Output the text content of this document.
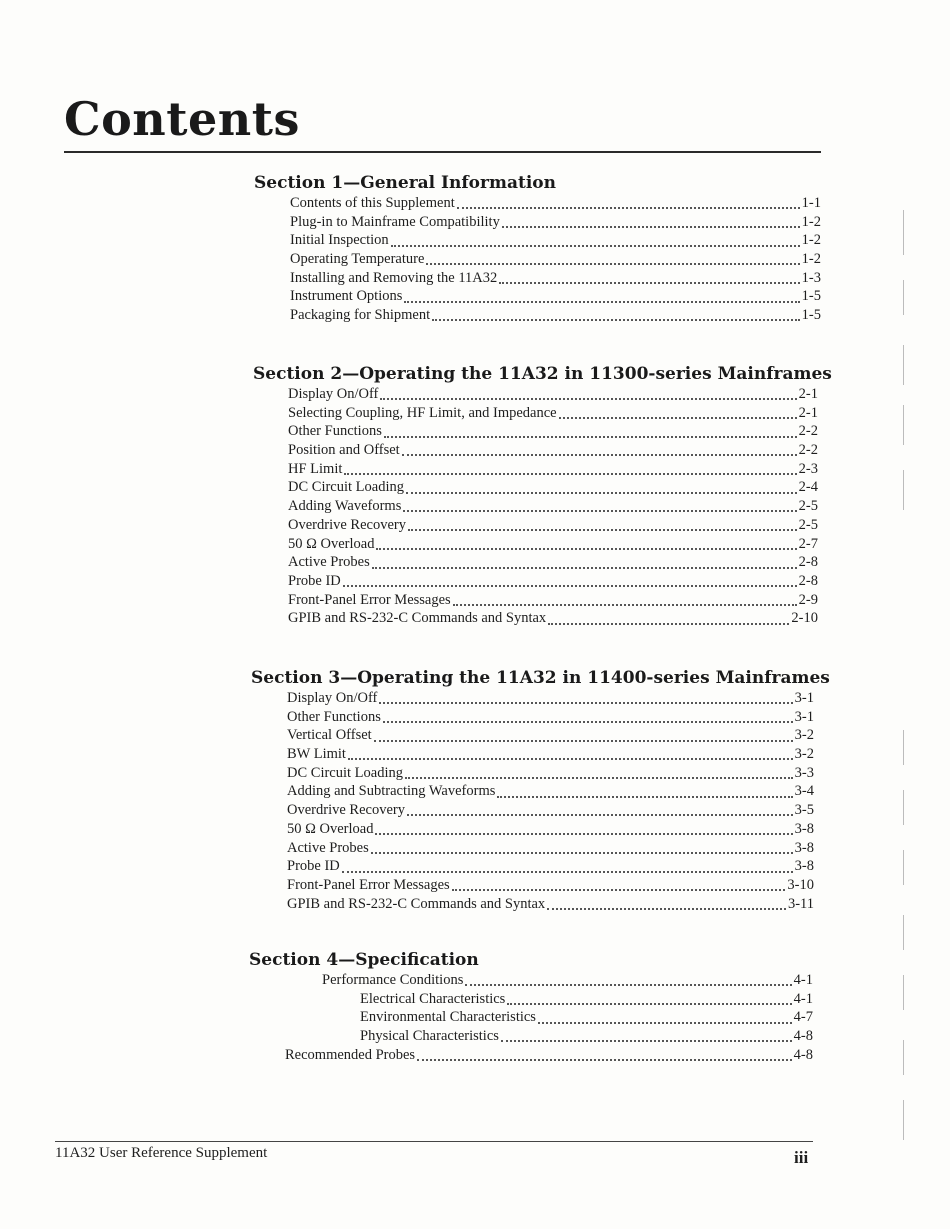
Contents
Section 1—General Information
Contents of this Supplement	1-1
Plug-in to Mainframe Compatibility	1-2
Initial Inspection	1-2
Operating Temperature	1-2
Installing and Removing the 11A32	1-3
Instrument Options	1-5
Packaging for Shipment	1-5
Section 2—Operating the 11A32 in 11300-series Mainframes
Display On/Off	2-1
Selecting Coupling, HF Limit, and Impedance	2-1
Other Functions	2-2
Position and Offset	2-2
HF Limit	2-3
DC Circuit Loading	2-4
Adding Waveforms	2-5
Overdrive Recovery	2-5
50 Ω Overload	2-7
Active Probes	2-8
Probe ID	2-8
Front-Panel Error Messages	2-9
GPIB and RS-232-C Commands and Syntax	2-10
Section 3—Operating the 11A32 in 11400-series Mainframes
Display On/Off	3-1
Other Functions	3-1
Vertical Offset	3-2
BW Limit	3-2
DC Circuit Loading	3-3
Adding and Subtracting Waveforms	3-4
Overdrive Recovery	3-5
50 Ω Overload	3-8
Active Probes	3-8
Probe ID	3-8
Front-Panel Error Messages	3-10
GPIB and RS-232-C Commands and Syntax	3-11
Section 4—Specification
Performance Conditions	4-1
Electrical Characteristics	4-1
Environmental Characteristics	4-7
Physical Characteristics	4-8
Recommended Probes	4-8
11A32 User Reference Supplement	iii
